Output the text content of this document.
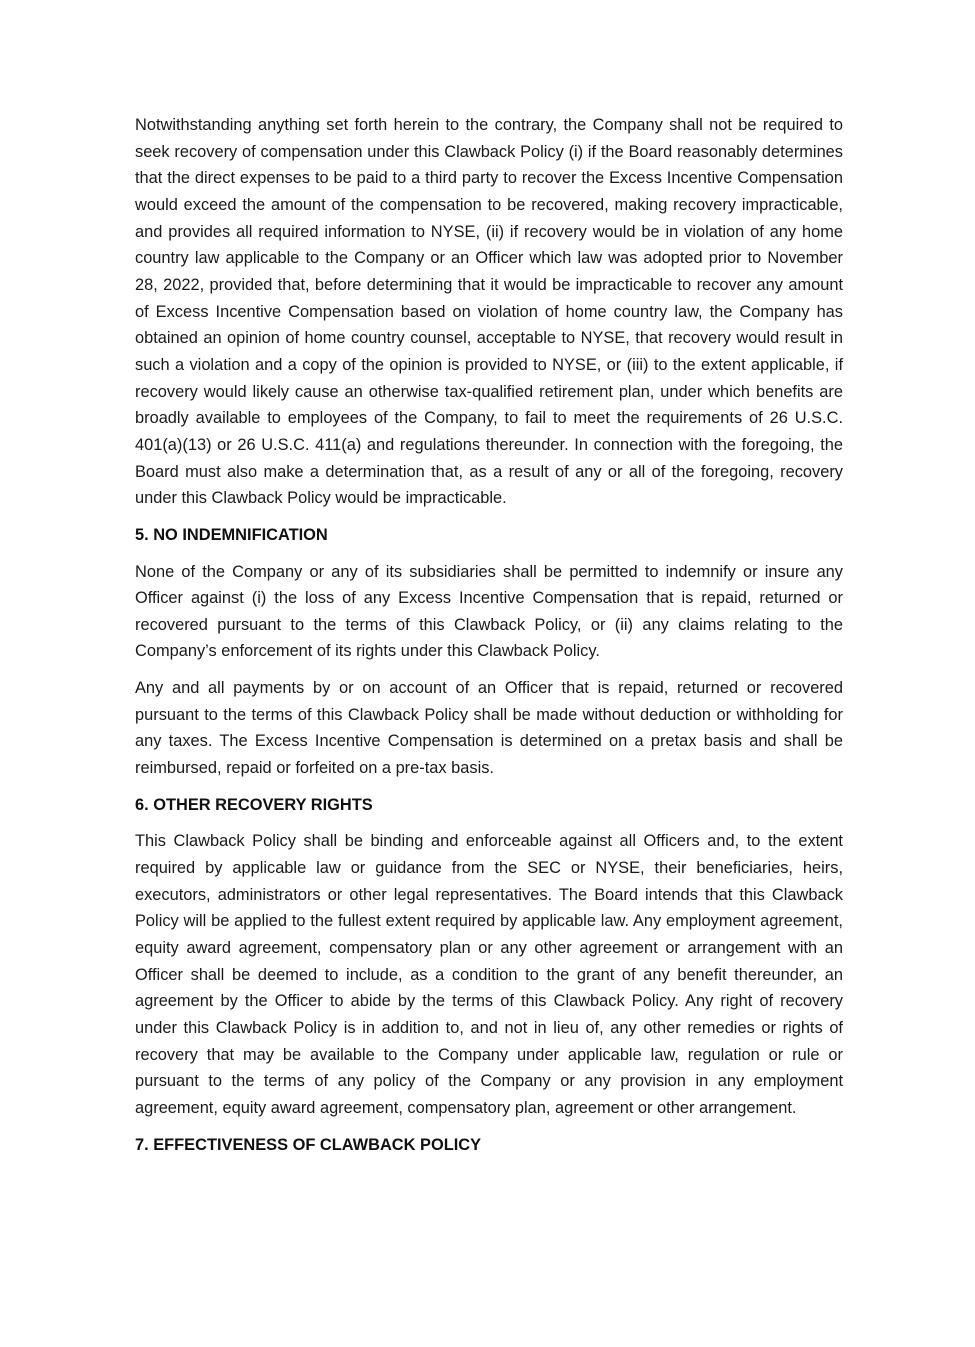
Notwithstanding anything set forth herein to the contrary, the Company shall not be required to seek recovery of compensation under this Clawback Policy (i) if the Board reasonably determines that the direct expenses to be paid to a third party to recover the Excess Incentive Compensation would exceed the amount of the compensation to be recovered, making recovery impracticable, and provides all required information to NYSE, (ii) if recovery would be in violation of any home country law applicable to the Company or an Officer which law was adopted prior to November 28, 2022, provided that, before determining that it would be impracticable to recover any amount of Excess Incentive Compensation based on violation of home country law, the Company has obtained an opinion of home country counsel, acceptable to NYSE, that recovery would result in such a violation and a copy of the opinion is provided to NYSE, or (iii) to the extent applicable, if recovery would likely cause an otherwise tax-qualified retirement plan, under which benefits are broadly available to employees of the Company, to fail to meet the requirements of 26 U.S.C. 401(a)(13) or 26 U.S.C. 411(a) and regulations thereunder. In connection with the foregoing, the Board must also make a determination that, as a result of any or all of the foregoing, recovery under this Clawback Policy would be impracticable.

5. NO INDEMNIFICATION

None of the Company or any of its subsidiaries shall be permitted to indemnify or insure any Officer against (i) the loss of any Excess Incentive Compensation that is repaid, returned or recovered pursuant to the terms of this Clawback Policy, or (ii) any claims relating to the Company’s enforcement of its rights under this Clawback Policy.

Any and all payments by or on account of an Officer that is repaid, returned or recovered pursuant to the terms of this Clawback Policy shall be made without deduction or withholding for any taxes. The Excess Incentive Compensation is determined on a pretax basis and shall be reimbursed, repaid or forfeited on a pre-tax basis.

6. OTHER RECOVERY RIGHTS

This Clawback Policy shall be binding and enforceable against all Officers and, to the extent required by applicable law or guidance from the SEC or NYSE, their beneficiaries, heirs, executors, administrators or other legal representatives. The Board intends that this Clawback Policy will be applied to the fullest extent required by applicable law. Any employment agreement, equity award agreement, compensatory plan or any other agreement or arrangement with an Officer shall be deemed to include, as a condition to the grant of any benefit thereunder, an agreement by the Officer to abide by the terms of this Clawback Policy. Any right of recovery under this Clawback Policy is in addition to, and not in lieu of, any other remedies or rights of recovery that may be available to the Company under applicable law, regulation or rule or pursuant to the terms of any policy of the Company or any provision in any employment agreement, equity award agreement, compensatory plan, agreement or other arrangement.

7. EFFECTIVENESS OF CLAWBACK POLICY
